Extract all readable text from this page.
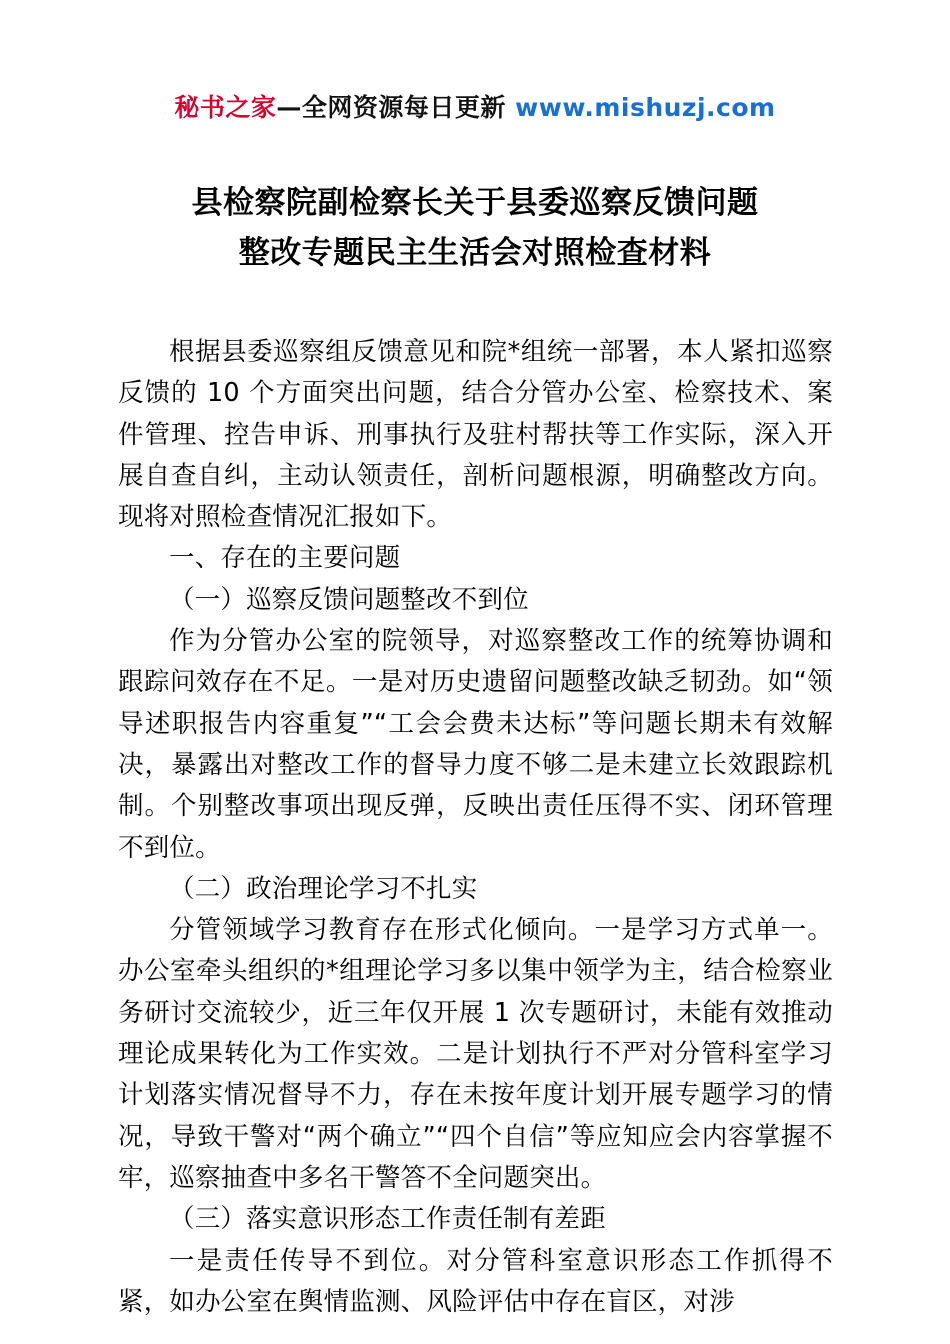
秘书之家—全网资源每日更新 www.mishuzj.com
县检察院副检察长关于县委巡察反馈问题
整改专题民主生活会对照检查材料

根据县委巡察组反馈意见和院*组统一部署，本人紧扣巡察反馈的 10 个方面突出问题，结合分管办公室、检察技术、案件管理、控告申诉、刑事执行及驻村帮扶等工作实际，深入开展自查自纠，主动认领责任，剖析问题根源，明确整改方向。现将对照检查情况汇报如下。

一、存在的主要问题

（一）巡察反馈问题整改不到位

作为分管办公室的院领导，对巡察整改工作的统筹协调和跟踪问效存在不足。一是对历史遗留问题整改缺乏韧劲。如“领导述职报告内容重复”“工会会费未达标”等问题长期未有效解决，暴露出对整改工作的督导力度不够二是未建立长效跟踪机制。个别整改事项出现反弹，反映出责任压得不实、闭环管理不到位。

（二）政治理论学习不扎实

分管领域学习教育存在形式化倾向。一是学习方式单一。办公室牵头组织的*组理论学习多以集中领学为主，结合检察业务研讨交流较少，近三年仅开展 1 次专题研讨，未能有效推动理论成果转化为工作实效。二是计划执行不严对分管科室学习计划落实情况督导不力，存在未按年度计划开展专题学习的情况，导致干警对“两个确立”“四个自信”等应知应会内容掌握不牢，巡察抽查中多名干警答不全问题突出。

（三）落实意识形态工作责任制有差距

一是责任传导不到位。对分管科室意识形态工作抓得不紧，如办公室在舆情监测、风险评估中存在盲区，对涉
